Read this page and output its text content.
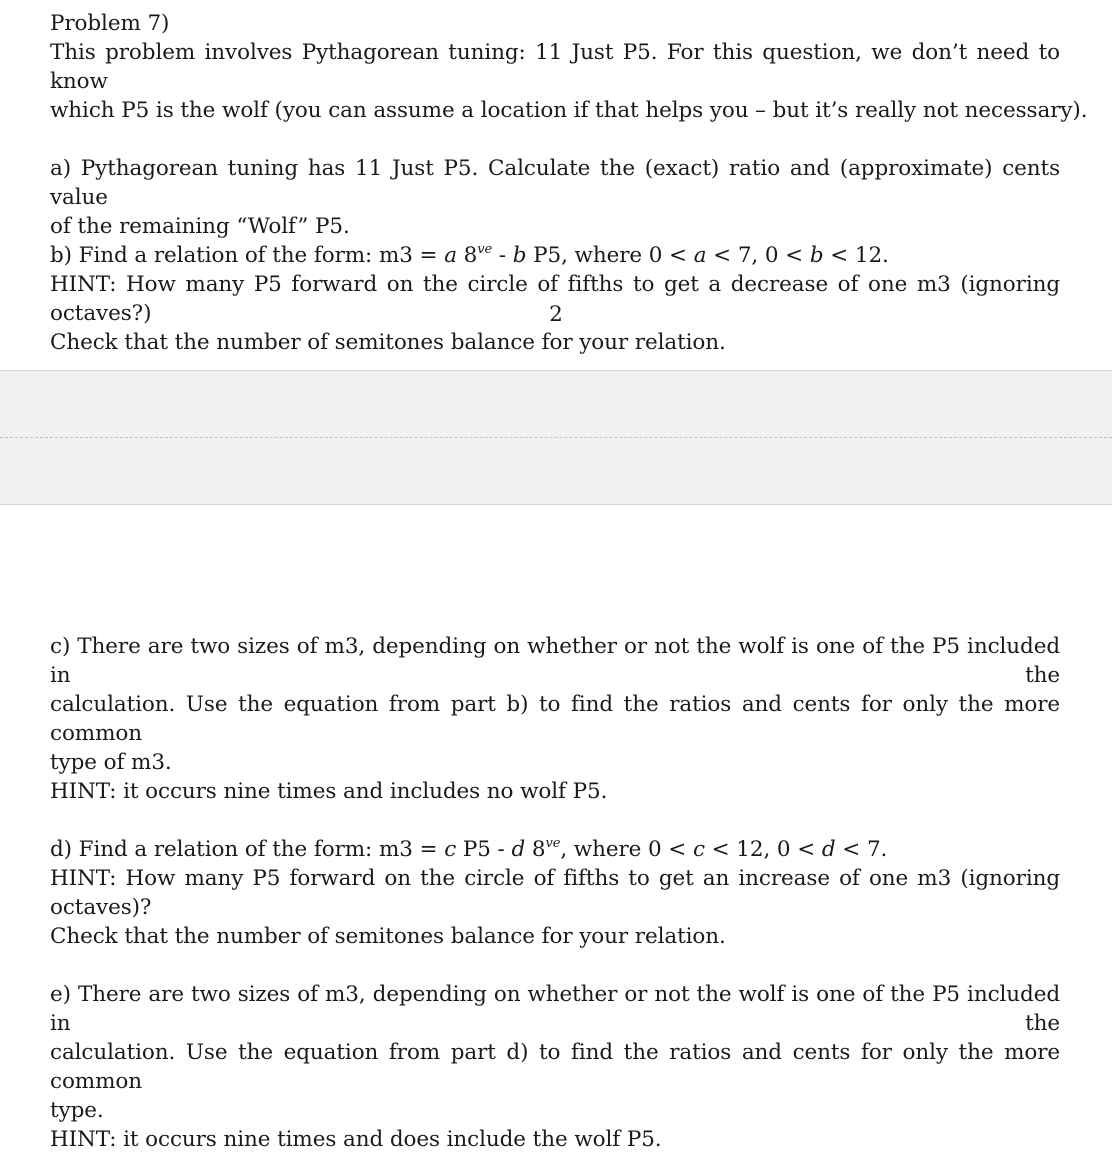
Problem 7)
This problem involves Pythagorean tuning: 11 Just P5. For this question, we don’t need to know
which P5 is the wolf (you can assume a location if that helps you – but it’s really not necessary).
a) Pythagorean tuning has 11 Just P5. Calculate the (exact) ratio and (approximate) cents value
of the remaining “Wolf” P5.
b) Find a relation of the form: m3 = a $8^{ve}$ - b P5, where 0 < a < 7, 0 < b < 12.
HINT: How many P5 forward on the circle of fifths to get a decrease of one m3 (ignoring octaves?)
Check that the number of semitones balance for your relation.
2
c) There are two sizes of m3, depending on whether or not the wolf is one of the P5 included in the
calculation. Use the equation from part b) to find the ratios and cents for only the more common
type of m3.
HINT: it occurs nine times and includes no wolf P5.
d) Find a relation of the form: m3 = c P5 - d $8^{ve}$, where 0 < c < 12, 0 < d < 7.
HINT: How many P5 forward on the circle of fifths to get an increase of one m3 (ignoring octaves)?
Check that the number of semitones balance for your relation.
e) There are two sizes of m3, depending on whether or not the wolf is one of the P5 included in the
calculation. Use the equation from part d) to find the ratios and cents for only the more common
type.
HINT: it occurs nine times and does include the wolf P5.
